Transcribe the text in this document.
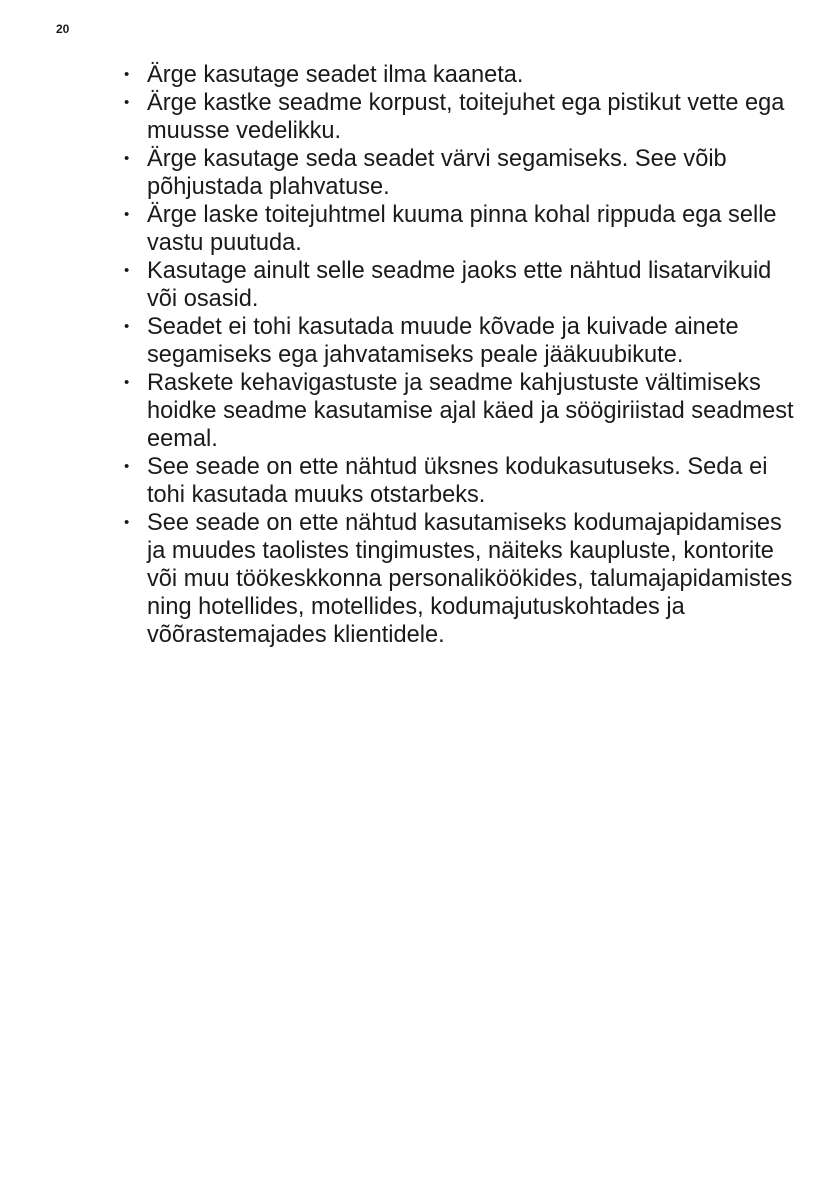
20
• Ärge kasutage seadet ilma kaaneta.
• Ärge kastke seadme korpust, toitejuhet ega pistikut vette ega muusse vedelikku.
• Ärge kasutage seda seadet värvi segamiseks. See võib põhjustada plahvatuse.
• Ärge laske toitejuhtmel kuuma pinna kohal rippuda ega selle vastu puutuda.
• Kasutage ainult selle seadme jaoks ette nähtud lisatarvikuid või osasid.
• Seadet ei tohi kasutada muude kõvade ja kuivade ainete segamiseks ega jahvatamiseks peale jääkuubikute.
• Raskete kehavigastuste ja seadme kahjustuste vältimiseks hoidke seadme kasutamise ajal käed ja söögiriistad seadmest eemal.
• See seade on ette nähtud üksnes kodukasutuseks. Seda ei tohi kasutada muuks otstarbeks.
• See seade on ette nähtud kasutamiseks kodumajapidamises ja muudes taolistes tingimustes, näiteks kaupluste, kontorite või muu töökeskkonna personaliköökides, talumajapidamistes ning hotellides, motellides, kodumajutuskohtades ja võõrastemajades klientidele.
